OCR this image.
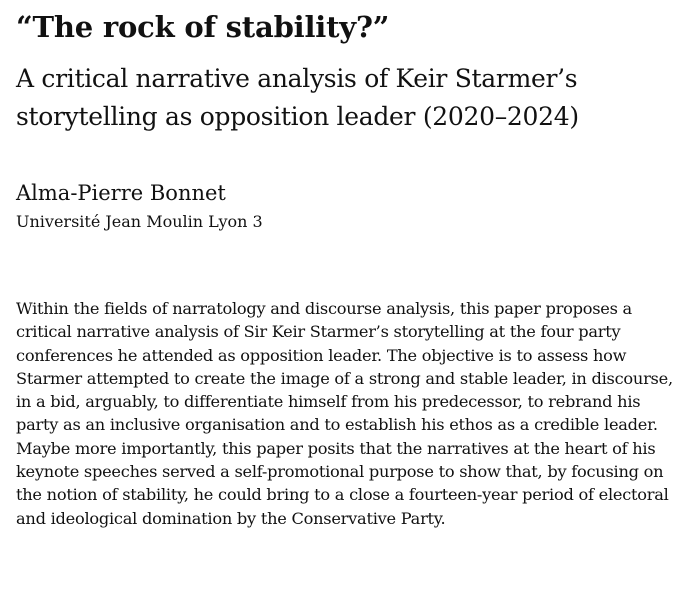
“The rock of stability?”
A critical narrative analysis of Keir Starmer’s storytelling as opposition leader (2020–2024)

Alma-Pierre Bonnet

Université Jean Moulin Lyon 3

Within the fields of narratology and discourse analysis, this paper proposes a critical narrative analysis of Sir Keir Starmer’s storytelling at the four party conferences he attended as opposition leader. The objective is to assess how Starmer attempted to create the image of a strong and stable leader, in discourse, in a bid, arguably, to differentiate himself from his predecessor, to rebrand his party as an inclusive organisation and to establish his ethos as a credible leader. Maybe more importantly, this paper posits that the narratives at the heart of his keynote speeches served a self-promotional purpose to show that, by focusing on the notion of stability, he could bring to a close a fourteen-year period of electoral and ideological domination by the Conservative Party.
